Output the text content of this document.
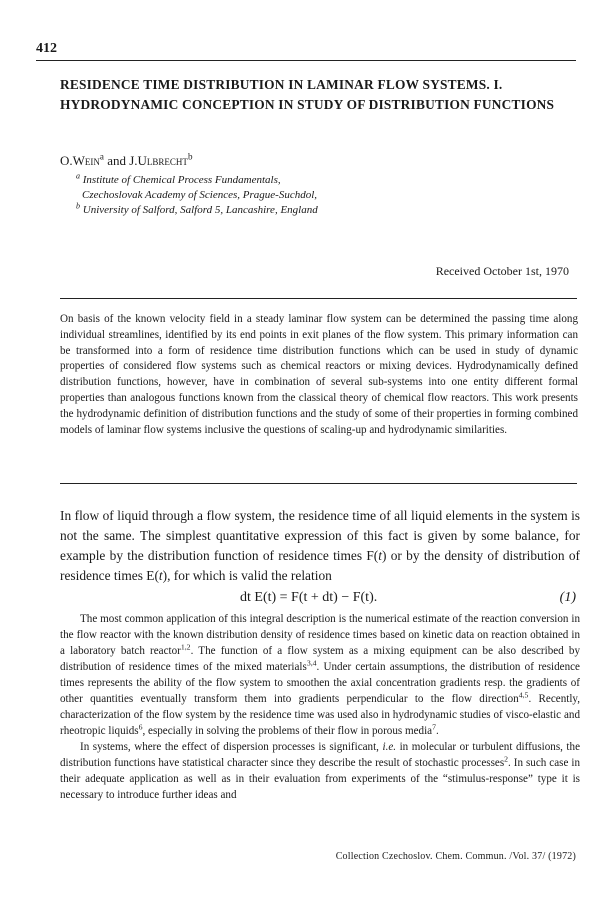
412
RESIDENCE TIME DISTRIBUTION IN LAMINAR FLOW SYSTEMS. I. HYDRODYNAMIC CONCEPTION IN STUDY OF DISTRIBUTION FUNCTIONS
O.Wein$^a$ and J.Ulbrecht$^b$
$^a$ Institute of Chemical Process Fundamentals,
Czechoslovak Academy of Sciences, Prague-Suchdol,
$^b$ University of Salford, Salford 5, Lancashire, England
Received October 1st, 1970
On basis of the known velocity field in a steady laminar flow system can be determined the passing time along individual streamlines, identified by its end points in exit planes of the flow system. This primary information can be transformed into a form of residence time distribution functions which can be used in study of dynamic properties of considered flow systems such as chemical reactors or mixing devices. Hydrodynamically defined distribution functions, however, have in combination of several sub-systems into one entity different formal properties than analogous functions known from the classical theory of chemical flow reactors. This work presents the hydrodynamic definition of distribution functions and the study of some of their properties in forming combined models of laminar flow systems inclusive the questions of scaling-up and hydrodynamic similarities.
In flow of liquid through a flow system, the residence time of all liquid elements in the system is not the same. The simplest quantitative expression of this fact is given by some balance, for example by the distribution function of residence times F(t) or by the density of distribution of residence times E(t), for which is valid the relation
dt E(t) = F(t + dt) − F(t).	(1)

The most common application of this integral description is the numerical estimate of the reaction conversion in the flow reactor with the known distribution density of residence times based on kinetic data on reaction obtained in a laboratory batch reactor$^{1,2}$. The function of a flow system as a mixing equipment can be also described by distribution of residence times of the mixed materials$^{3,4}$. Under certain assumptions, the distribution of residence times represents the ability of the flow system to smoothen the axial concentration gradients resp. the gradients of other quantities eventually transform them into gradients perpendicular to the flow direction$^{4,5}$. Recently, characterization of the flow system by the residence time was used also in hydrodynamic studies of visco-elastic and rheotropic liquids$^6$, especially in solving the problems of their flow in porous media$^7$.

In systems, where the effect of dispersion processes is significant, i.e. in molecular or turbulent diffusions, the distribution functions have statistical character since they describe the result of stochastic processes$^2$. In such case in their adequate application as well as in their evaluation from experiments of the “stimulus-response” type it is necessary to introduce further ideas and

Collection Czechoslov. Chem. Commun. /Vol. 37/ (1972)
